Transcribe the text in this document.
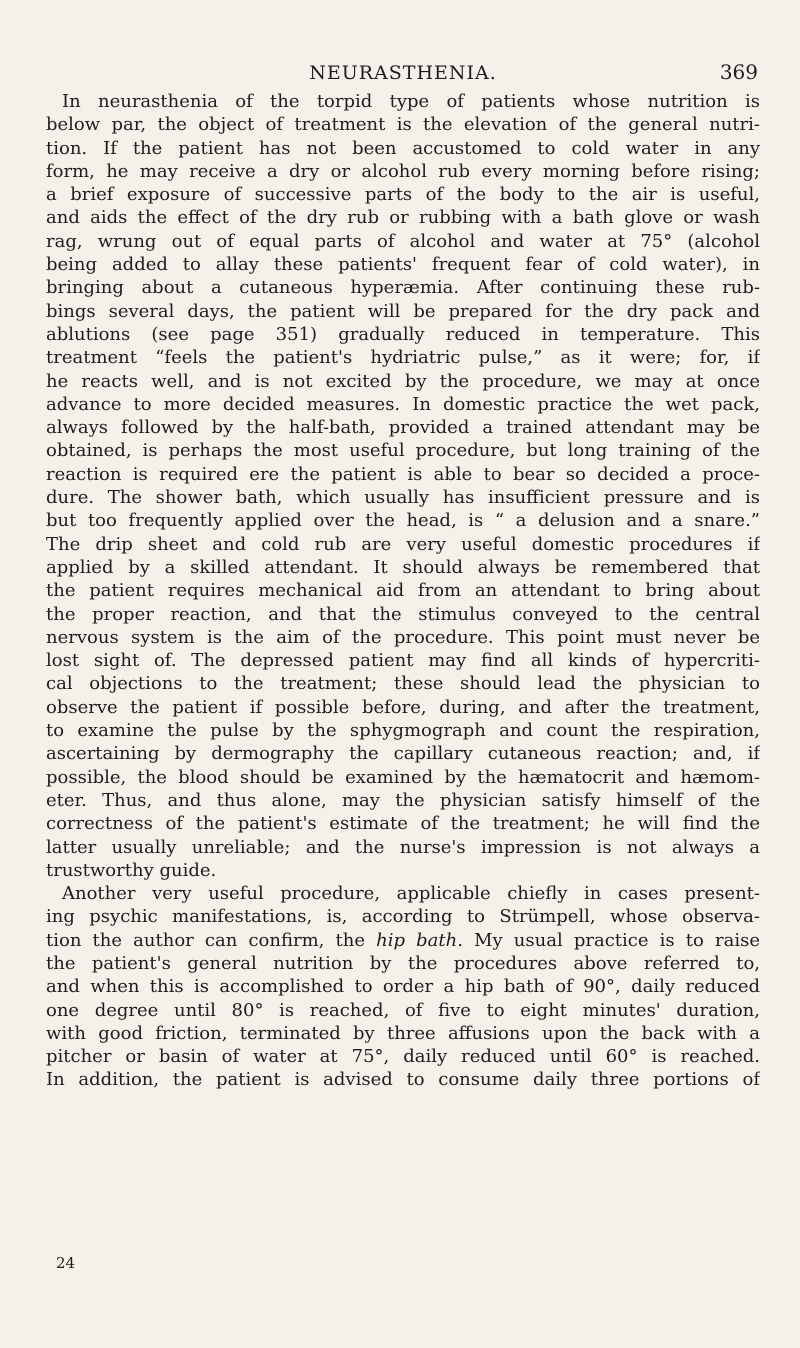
NEURASTHENIA.	369
In neurasthenia of the torpid type of patients whose nutrition is
below par, the object of treatment is the elevation of the general nutri-
tion. If the patient has not been accustomed to cold water in any
form, he may receive a dry or alcohol rub every morning before rising;
a brief exposure of successive parts of the body to the air is useful,
and aids the effect of the dry rub or rubbing with a bath glove or wash
rag, wrung out of equal parts of alcohol and water at 75° (alcohol
being added to allay these patients' frequent fear of cold water), in
bringing about a cutaneous hyperæmia. After continuing these rub-
bings several days, the patient will be prepared for the dry pack and
ablutions (see page 351) gradually reduced in temperature. This
treatment “feels the patient's hydriatric pulse,” as it were; for, if
he reacts well, and is not excited by the procedure, we may at once
advance to more decided measures. In domestic practice the wet pack,
always followed by the half-bath, provided a trained attendant may be
obtained, is perhaps the most useful procedure, but long training of the
reaction is required ere the patient is able to bear so decided a proce-
dure. The shower bath, which usually has insufficient pressure and is
but too frequently applied over the head, is “ a delusion and a snare.”
The drip sheet and cold rub are very useful domestic procedures if
applied by a skilled attendant. It should always be remembered that
the patient requires mechanical aid from an attendant to bring about
the proper reaction, and that the stimulus conveyed to the central
nervous system is the aim of the procedure. This point must never be
lost sight of. The depressed patient may find all kinds of hypercriti-
cal objections to the treatment; these should lead the physician to
observe the patient if possible before, during, and after the treatment,
to examine the pulse by the sphygmograph and count the respiration,
ascertaining by dermography the capillary cutaneous reaction; and, if
possible, the blood should be examined by the hæmatocrit and hæmom-
eter. Thus, and thus alone, may the physician satisfy himself of the
correctness of the patient's estimate of the treatment; he will find the
latter usually unreliable; and the nurse's impression is not always a
trustworthy guide.
Another very useful procedure, applicable chiefly in cases present-
ing psychic manifestations, is, according to Strümpell, whose observa-
tion the author can confirm, the hip bath. My usual practice is to raise
the patient's general nutrition by the procedures above referred to,
and when this is accomplished to order a hip bath of 90°, daily reduced
one degree until 80° is reached, of five to eight minutes' duration,
with good friction, terminated by three affusions upon the back with a
pitcher or basin of water at 75°, daily reduced until 60° is reached.
In addition, the patient is advised to consume daily three portions of
24
